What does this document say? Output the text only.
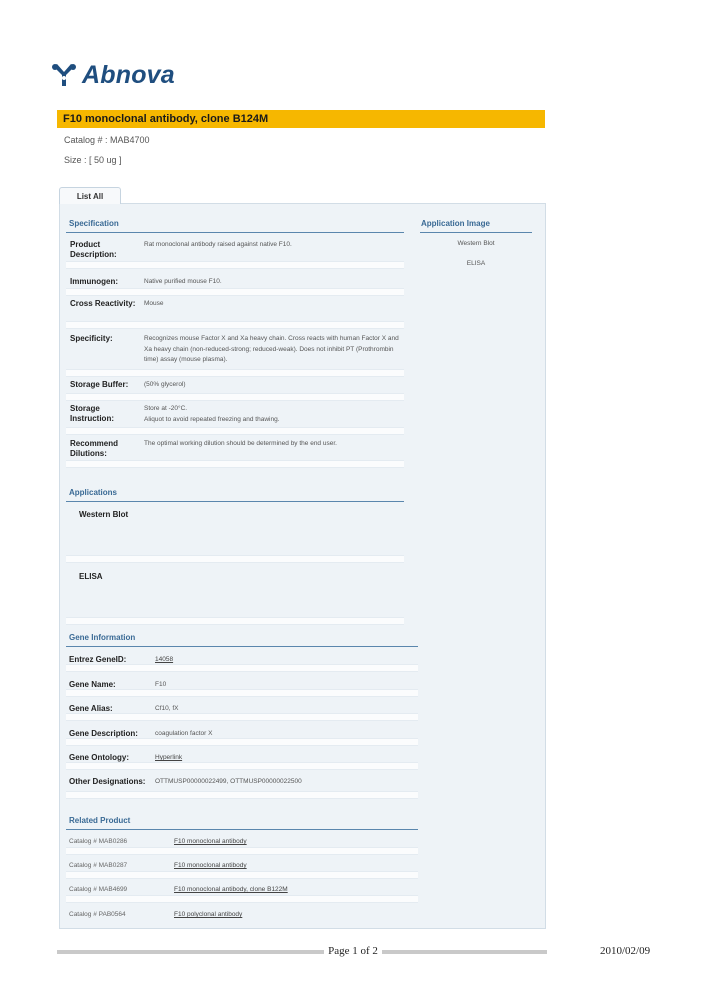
Abnova
F10 monoclonal antibody, clone B124M
Catalog # : MAB4700
Size : [ 50 ug ]
List All
Specification
Product Description:
Rat monoclonal antibody raised against native F10.
Immunogen:	Native purified mouse F10.
Cross Reactivity:	Mouse
Specificity:	Recognizes mouse Factor X and Xa heavy chain. Cross reacts with human Factor X and Xa heavy chain (non-reduced-strong; reduced-weak). Does not inhibit PT (Prothrombin time) assay (mouse plasma).
Storage Buffer:	(50% glycerol)
Storage Instruction:
Store at -20°C.
Aliquot to avoid repeated freezing and thawing.
Recommend Dilutions:
The optimal working dilution should be determined by the end user.
Application Image
Western Blot
ELISA
Applications
Western Blot
ELISA
Gene Information
Entrez GeneID:	14058
Gene Name:	F10
Gene Alias:	Cf10, fX
Gene Description:	coagulation factor X
Gene Ontology:	Hyperlink
Other Designations: OTTMUSP00000022499, OTTMUSP00000022500
Related Product
Catalog # MAB0286	F10 monoclonal antibody
Catalog # MAB0287	F10 monoclonal antibody
Catalog # MAB4699	F10 monoclonal antibody, clone B122M
Catalog # PAB0564	F10 polyclonal antibody
Page 1 of 2	2010/02/09
